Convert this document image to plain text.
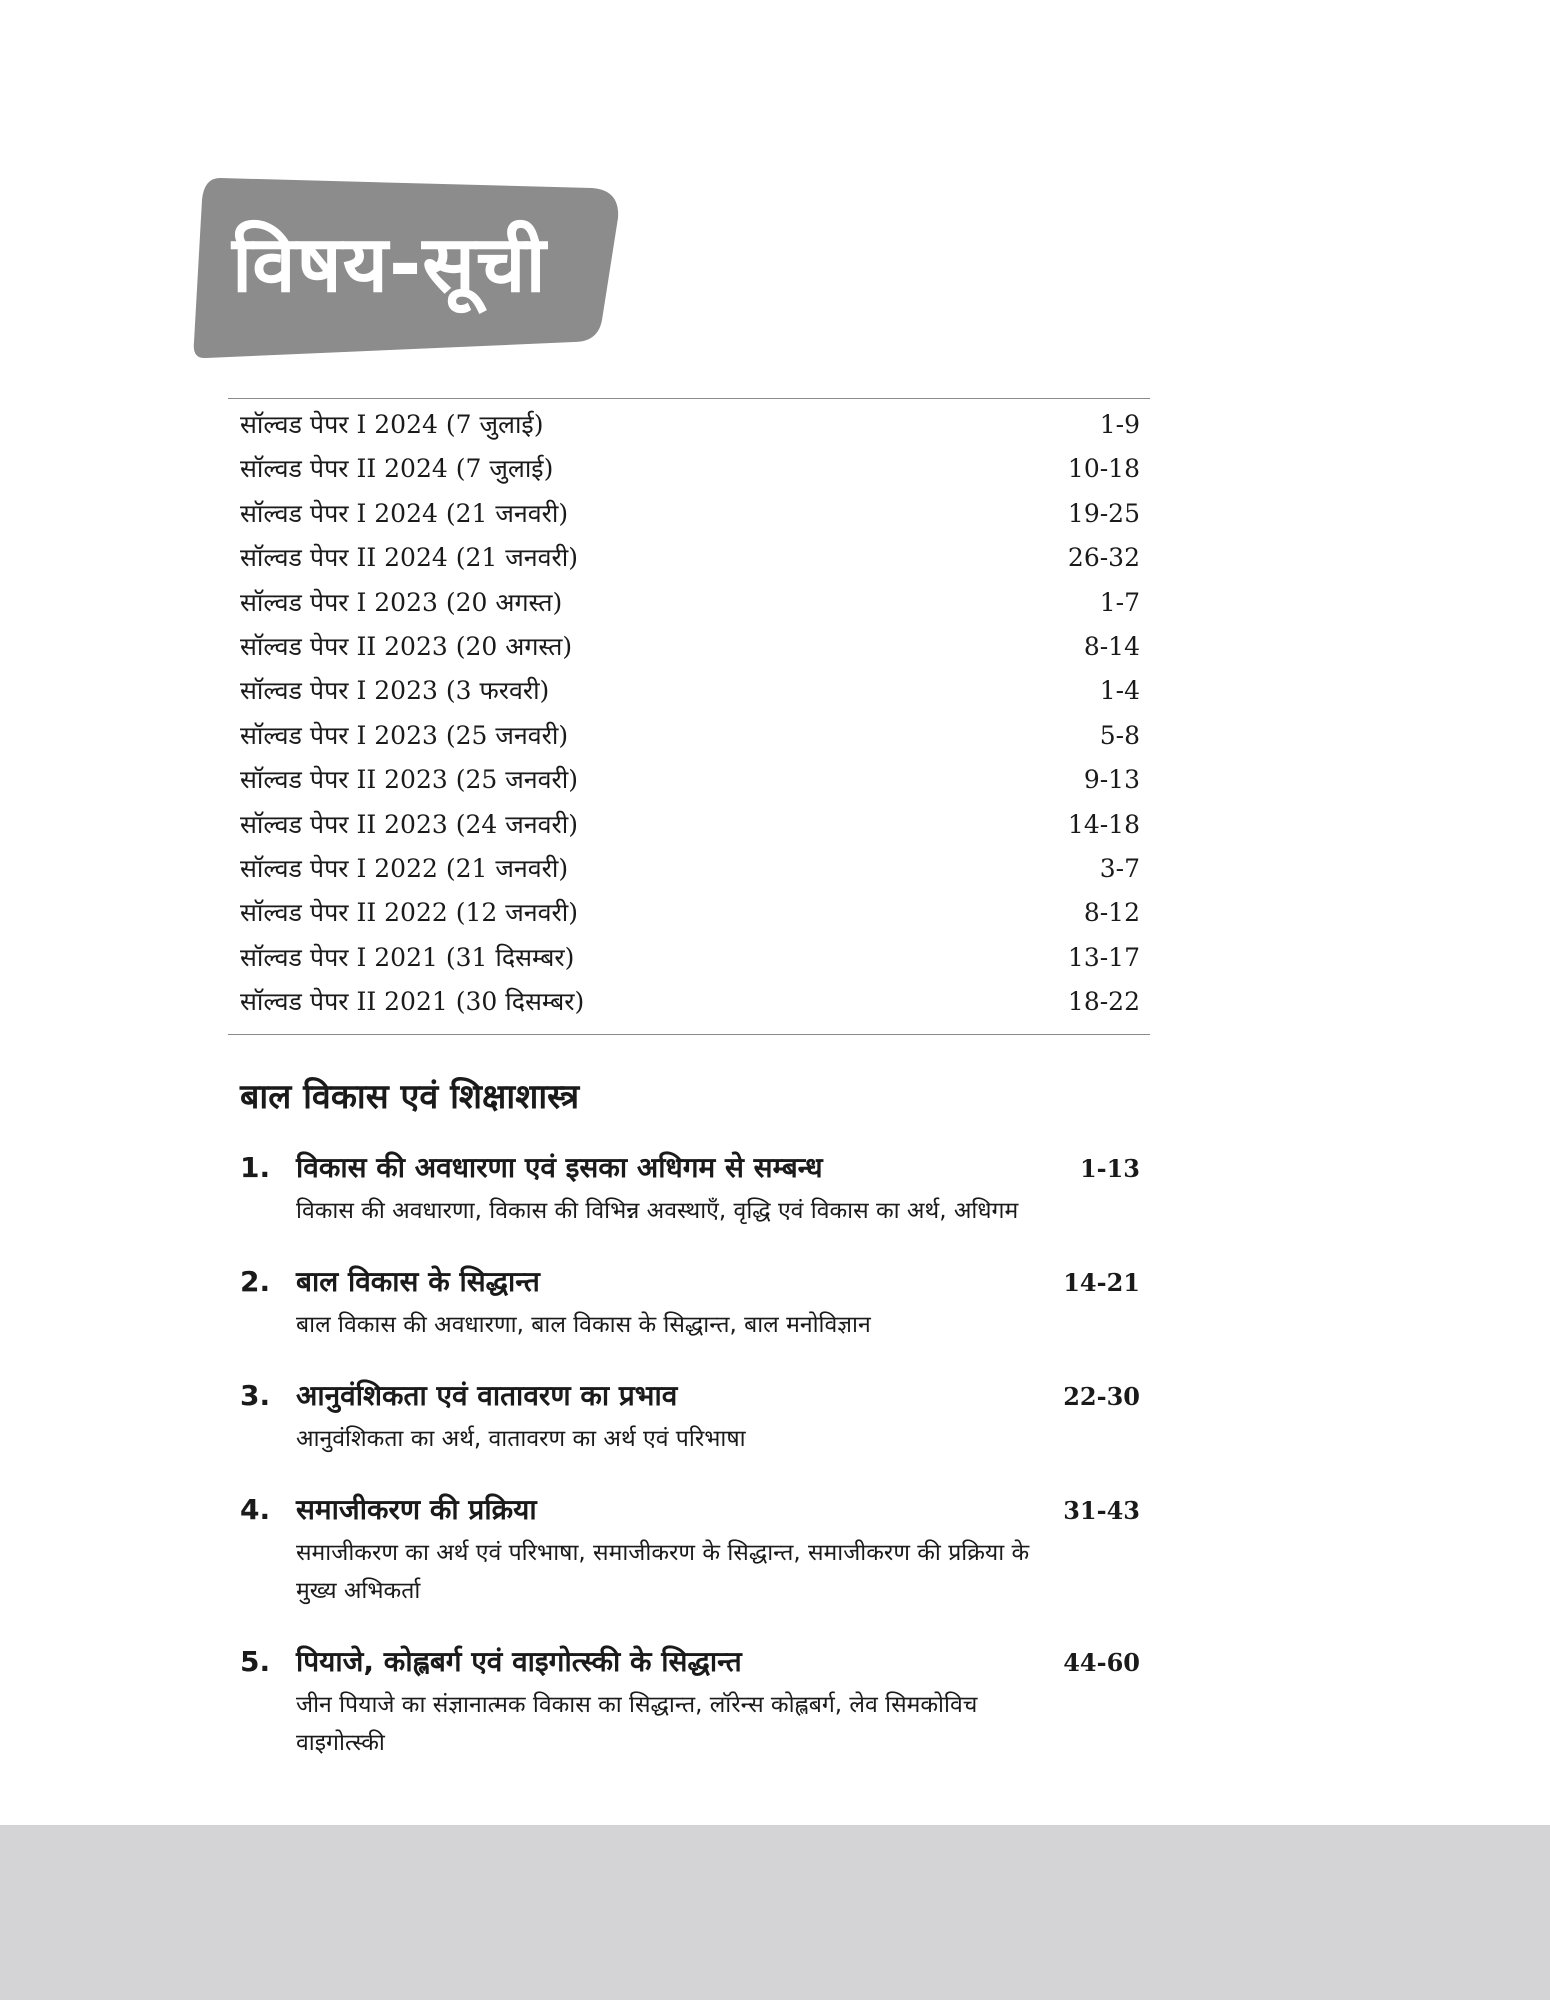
विषय-सूची
सॉल्वड पेपर I 2024 (7 जुलाई)	1-9
सॉल्वड पेपर II 2024 (7 जुलाई)	10-18
सॉल्वड पेपर I 2024 (21 जनवरी)	19-25
सॉल्वड पेपर II 2024 (21 जनवरी)	26-32
सॉल्वड पेपर I 2023 (20 अगस्त)	1-7
सॉल्वड पेपर II 2023 (20 अगस्त)	8-14
सॉल्वड पेपर I 2023 (3 फरवरी)	1-4
सॉल्वड पेपर I 2023 (25 जनवरी)	5-8
सॉल्वड पेपर II 2023 (25 जनवरी)	9-13
सॉल्वड पेपर II 2023 (24 जनवरी)	14-18
सॉल्वड पेपर I 2022 (21 जनवरी)	3-7
सॉल्वड पेपर II 2022 (12 जनवरी)	8-12
सॉल्वड पेपर I 2021 (31 दिसम्बर)	13-17
सॉल्वड पेपर II 2021 (30 दिसम्बर)	18-22
बाल विकास एवं शिक्षाशास्त्र
1. विकास की अवधारणा एवं इसका अधिगम से सम्बन्ध	1-13
विकास की अवधारणा, विकास की विभिन्न अवस्थाएँ, वृद्धि एवं विकास का अर्थ, अधिगम
2. बाल विकास के सिद्धान्त	14-21
बाल विकास की अवधारणा, बाल विकास के सिद्धान्त, बाल मनोविज्ञान
3. आनुवंशिकता एवं वातावरण का प्रभाव	22-30
आनुवंशिकता का अर्थ, वातावरण का अर्थ एवं परिभाषा
4. समाजीकरण की प्रक्रिया	31-43
समाजीकरण का अर्थ एवं परिभाषा, समाजीकरण के सिद्धान्त, समाजीकरण की प्रक्रिया के मुख्य अभिकर्ता
5. पियाजे, कोह्लबर्ग एवं वाइगोत्स्की के सिद्धान्त	44-60
जीन पियाजे का संज्ञानात्मक विकास का सिद्धान्त, लॉरेन्स कोह्लबर्ग, लेव सिमकोविच वाइगोत्स्की
